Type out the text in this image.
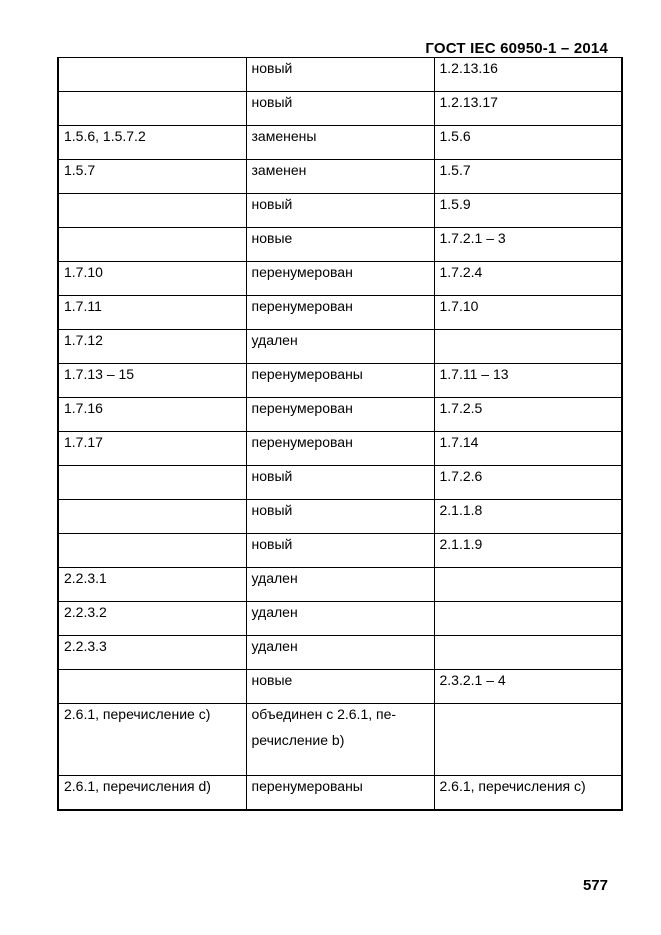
ГОСТ IEC 60950-1 – 2014
	новый	1.2.13.16
	новый	1.2.13.17
1.5.6, 1.5.7.2	заменены	1.5.6
1.5.7	заменен	1.5.7
	новый	1.5.9
	новые	1.7.2.1 – 3
1.7.10	перенумерован	1.7.2.4
1.7.11	перенумерован	1.7.10
1.7.12	удален	
1.7.13 – 15	перенумерованы	1.7.11 – 13
1.7.16	перенумерован	1.7.2.5
1.7.17	перенумерован	1.7.14
	новый	1.7.2.6
	новый	2.1.1.8
	новый	2.1.1.9
2.2.3.1	удален	
2.2.3.2	удален	
2.2.3.3	удален	
	новые	2.3.2.1 – 4
2.6.1, перечисление c)	объединен с 2.6.1, пе-
речисление b)	

2.6.1, перечисления d)	перенумерованы	2.6.1, перечисления c)
577
